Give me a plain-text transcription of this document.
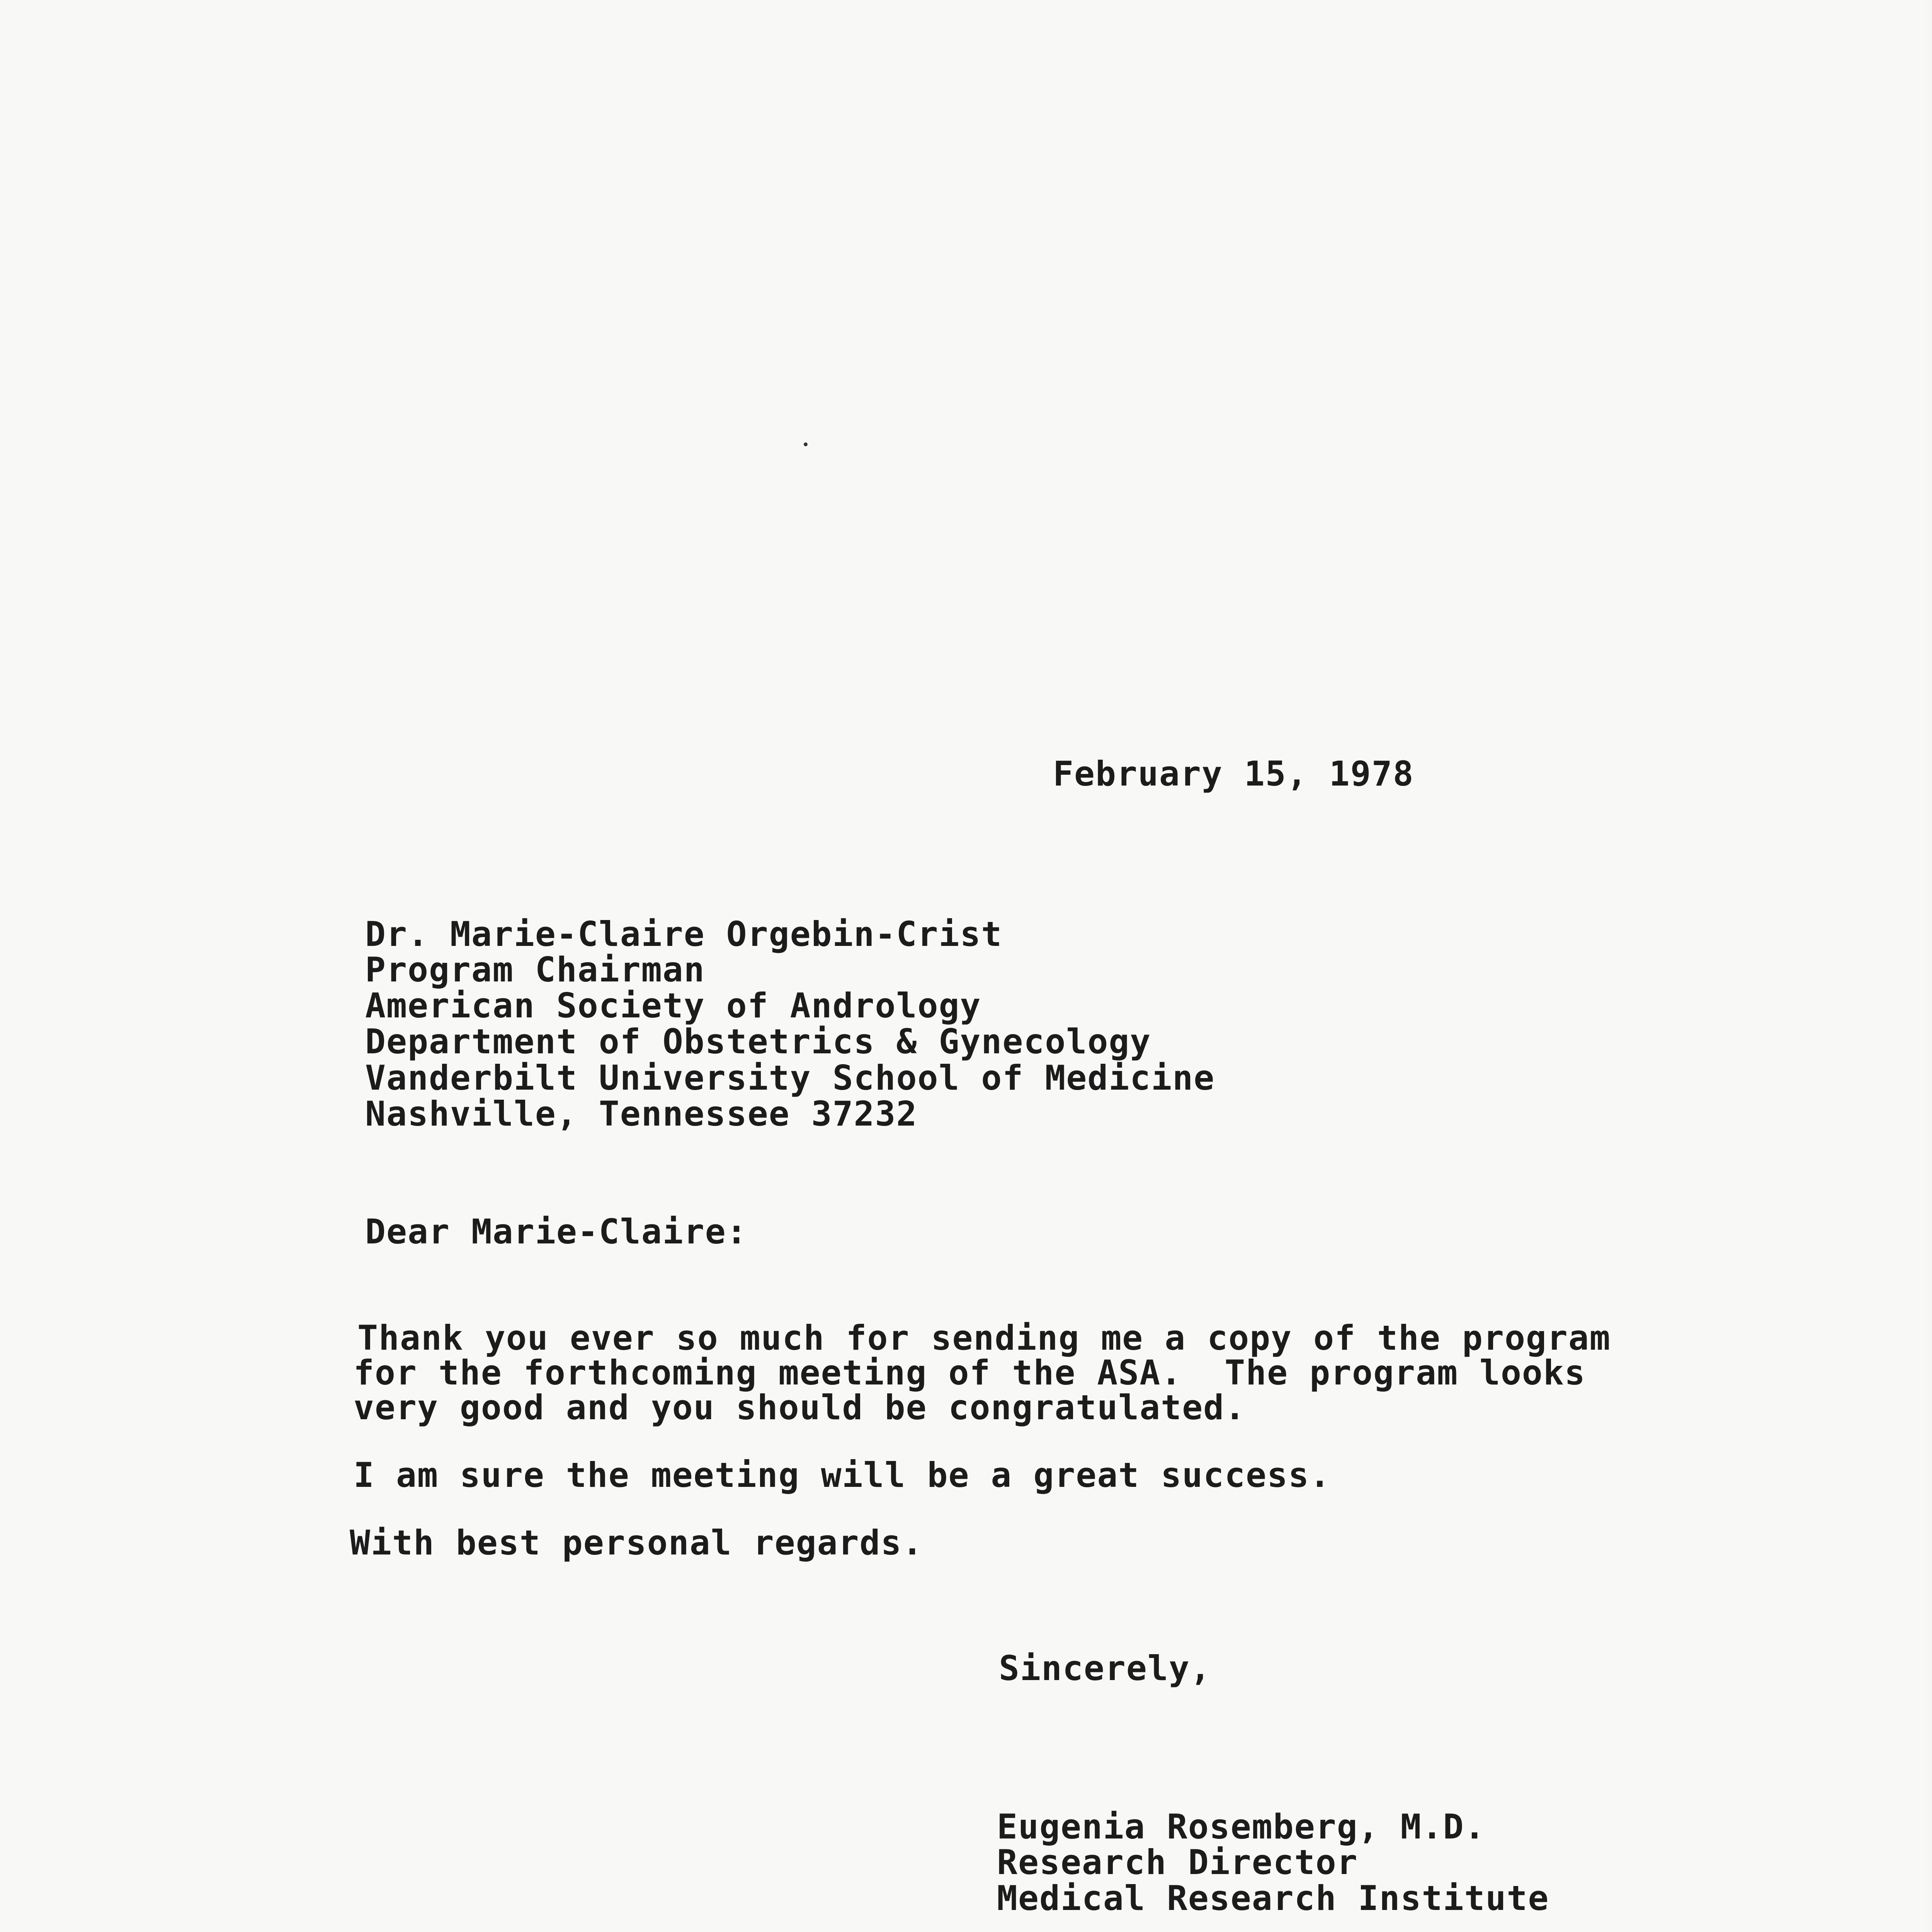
February 15, 1978
Dr. Marie-Claire Orgebin-Crist
Program Chairman
American Society of Andrology
Department of Obstetrics & Gynecology
Vanderbilt University School of Medicine
Nashville, Tennessee 37232
Dear Marie-Claire:
Thank you ever so much for sending me a copy of the program
for the forthcoming meeting of the ASA.  The program looks
very good and you should be congratulated.
I am sure the meeting will be a great success.
With best personal regards.
Sincerely,
Eugenia Rosemberg, M.D.
Research Director
Medical Research Institute
